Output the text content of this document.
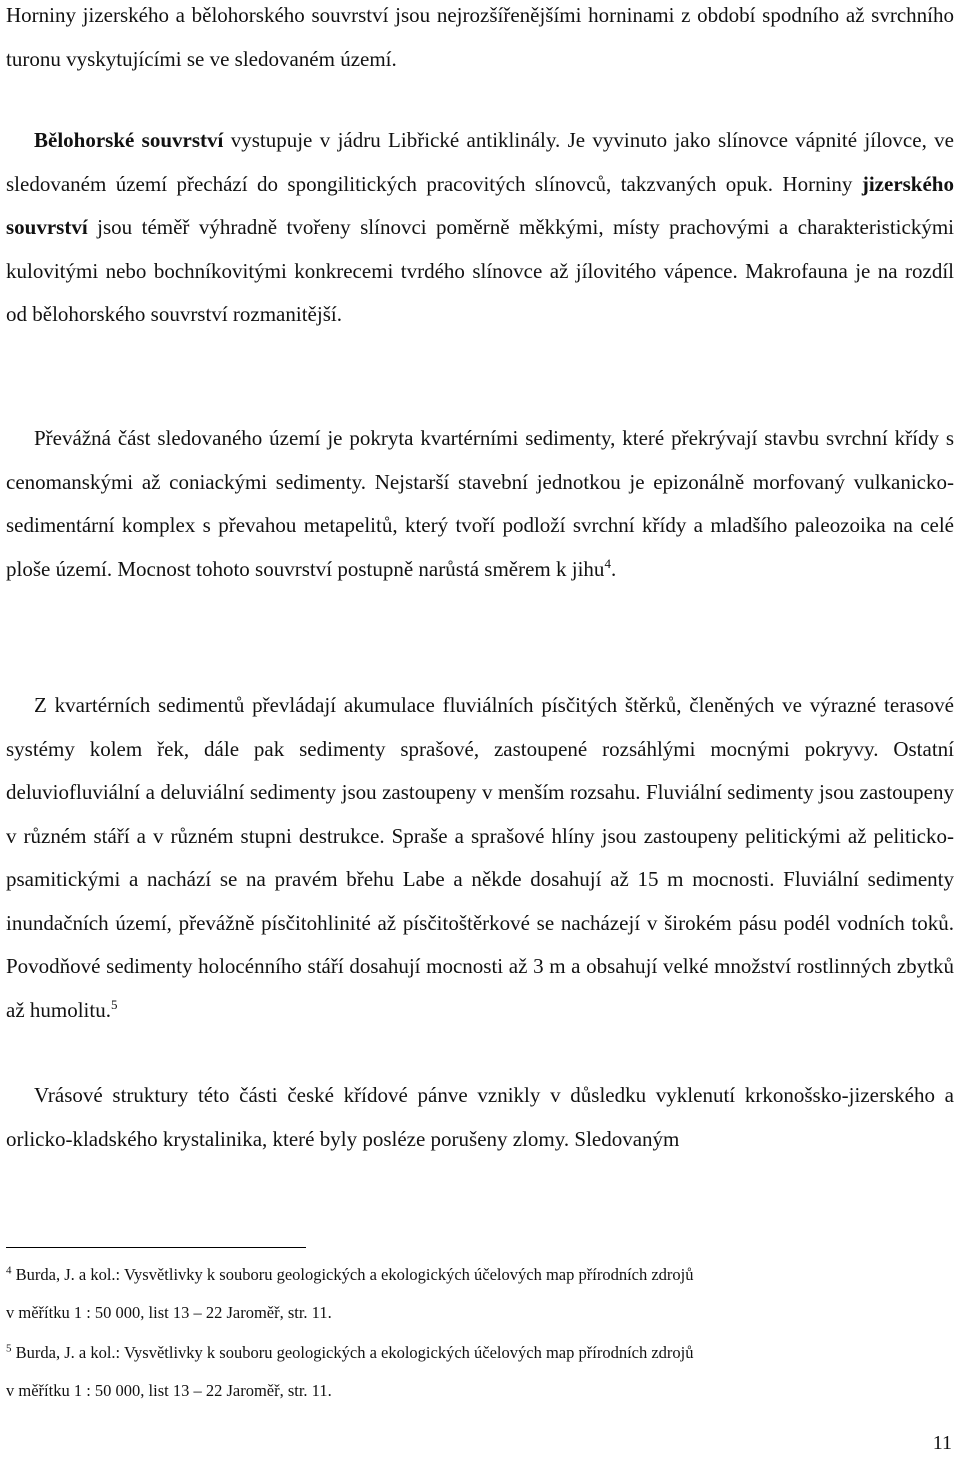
Horniny jizerského a bělohorského souvrství jsou nejrozšířenějšími horninami z období spodního až svrchního turonu vyskytujícími se ve sledovaném území.

Bělohorské souvrství vystupuje v jádru Libřické antiklinály. Je vyvinuto jako slínovce vápnité jílovce, ve sledovaném území přechází do spongilitických pracovitých slínovců, takzvaných opuk. Horniny jizerského souvrství jsou téměř výhradně tvořeny slínovci poměrně měkkými, místy prachovými a charakteristickými kulovitými nebo bochníkovitými konkrecemi tvrdého slínovce až jílovitého vápence. Makrofauna je na rozdíl od bělohorského souvrství rozmanitější.

Převážná část sledovaného území je pokryta kvartérními sedimenty, které překrývají stavbu svrchní křídy s cenomanskými až coniackými sedimenty. Nejstarší stavební jednotkou je epizonálně morfovaný vulkanicko-sedimentární komplex s převahou metapelitů, který tvoří podloží svrchní křídy a mladšího paleozoika na celé ploše území. Mocnost tohoto souvrství postupně narůstá směrem k jihu$^4$.

Z kvartérních sedimentů převládají akumulace fluviálních písčitých štěrků, členěných ve výrazné terasové systémy kolem řek, dále pak sedimenty sprašové, zastoupené rozsáhlými mocnými pokryvy. Ostatní deluviofluviální a deluviální sedimenty jsou zastoupeny v menším rozsahu. Fluviální sedimenty jsou zastoupeny v různém stáří a v různém stupni destrukce. Spraše a sprašové hlíny jsou zastoupeny pelitickými až peliticko-psamitickými a nachází se na pravém břehu Labe a někde dosahují až 15 m mocnosti. Fluviální sedimenty inundačních území, převážně písčitohlinité až písčitoštěrkové se nacházejí v širokém pásu podél vodních toků. Povodňové sedimenty holocénního stáří dosahují mocnosti až 3 m a obsahují velké množství rostlinných zbytků až humolitu.$^5$

Vrásové struktury této části české křídové pánve vznikly v důsledku vyklenutí krkonošsko-jizerského a orlicko-kladského krystalinika, které byly posléze porušeny zlomy. Sledovaným

$^4$ Burda, J. a kol.: Vysvětlivky k souboru geologických a ekologických účelových map přírodních zdrojů
v měřítku 1 : 50 000, list 13 – 22 Jaroměř, str. 11.

$^5$ Burda, J. a kol.: Vysvětlivky k souboru geologických a ekologických účelových map přírodních zdrojů
v měřítku 1 : 50 000, list 13 – 22 Jaroměř, str. 11.

11
